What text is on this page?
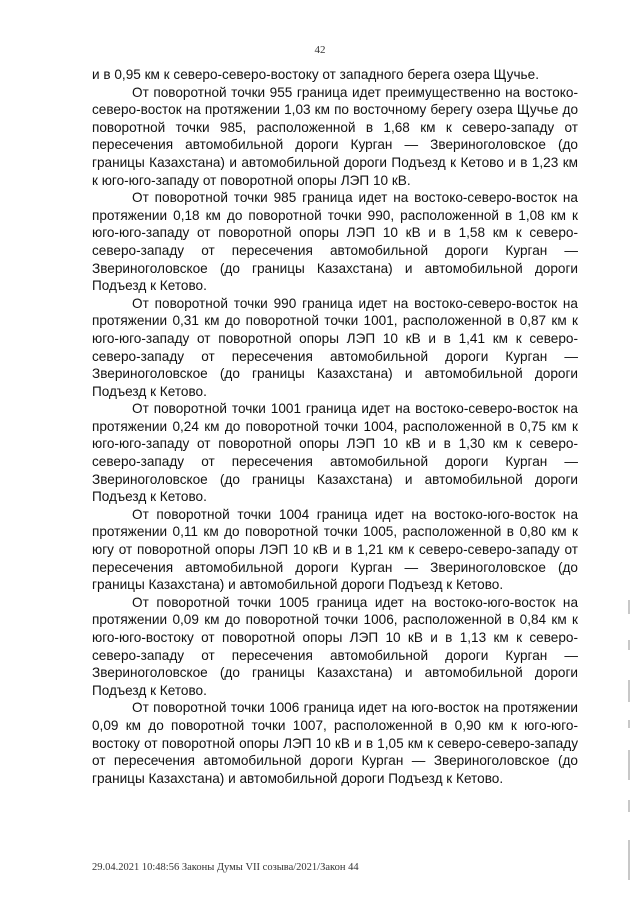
42

и в 0,95 км к северо-северо-востоку от западного берега озера Щучье.

От поворотной точки 955 граница идет преимущественно на востоко-северо-восток на протяжении 1,03 км по восточному берегу озера Щучье до поворотной точки 985, расположенной в 1,68 км к северо-западу от пересечения автомобильной дороги Курган — Звериноголовское (до границы Казахстана) и автомобильной дороги Подъезд к Кетово и в 1,23 км к юго-юго-западу от поворотной опоры ЛЭП 10 кВ.

От поворотной точки 985 граница идет на востоко-северо-восток на протяжении 0,18 км до поворотной точки 990, расположенной в 1,08 км к юго-юго-западу от поворотной опоры ЛЭП 10 кВ и в 1,58 км к северо-северо-западу от пересечения автомобильной дороги Курган — Звериноголовское (до границы Казахстана) и автомобильной дороги Подъезд к Кетово.

От поворотной точки 990 граница идет на востоко-северо-восток на протяжении 0,31 км до поворотной точки 1001, расположенной в 0,87 км к юго-юго-западу от поворотной опоры ЛЭП 10 кВ и в 1,41 км к северо-северо-западу от пересечения автомобильной дороги Курган — Звериноголовское (до границы Казахстана) и автомобильной дороги Подъезд к Кетово.

От поворотной точки 1001 граница идет на востоко-северо-восток на протяжении 0,24 км до поворотной точки 1004, расположенной в 0,75 км к юго-юго-западу от поворотной опоры ЛЭП 10 кВ и в 1,30 км к северо-северо-западу от пересечения автомобильной дороги Курган — Звериноголовское (до границы Казахстана) и автомобильной дороги Подъезд к Кетово.

От поворотной точки 1004 граница идет на востоко-юго-восток на протяжении 0,11 км до поворотной точки 1005, расположенной в 0,80 км к югу от поворотной опоры ЛЭП 10 кВ и в 1,21 км к северо-северо-западу от пересечения автомобильной дороги Курган — Звериноголовское (до границы Казахстана) и автомобильной дороги Подъезд к Кетово.

От поворотной точки 1005 граница идет на востоко-юго-восток на протяжении 0,09 км до поворотной точки 1006, расположенной в 0,84 км к юго-юго-востоку от поворотной опоры ЛЭП 10 кВ и в 1,13 км к северо-северо-западу от пересечения автомобильной дороги Курган — Звериноголовское (до границы Казахстана) и автомобильной дороги Подъезд к Кетово.

От поворотной точки 1006 граница идет на юго-восток на протяжении 0,09 км до поворотной точки 1007, расположенной в 0,90 км к юго-юго-востоку от поворотной опоры ЛЭП 10 кВ и в 1,05 км к северо-северо-западу от пересечения автомобильной дороги Курган — Звериноголовское (до границы Казахстана) и автомобильной дороги Подъезд к Кетово.

29.04.2021 10:48:56 Законы Думы VII созыва/2021/Закон 44
